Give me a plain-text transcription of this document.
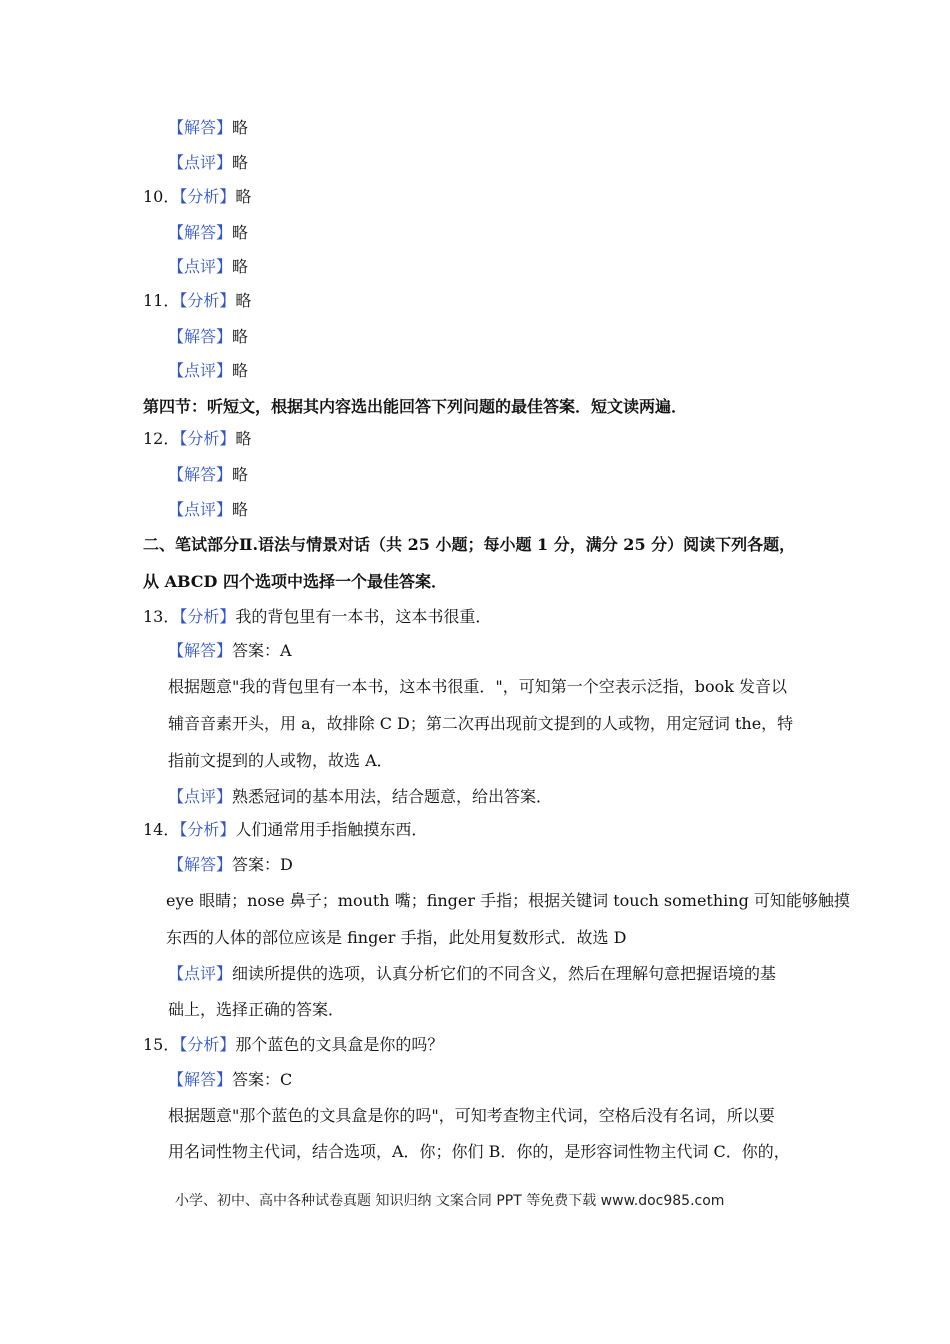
【解答】略
【点评】略
10．【分析】略
【解答】略
【点评】略
11．【分析】略
【解答】略
【点评】略
第四节：听短文，根据其内容选出能回答下列问题的最佳答案．短文读两遍．
12．【分析】略
【解答】略
【点评】略
二、笔试部分Ⅱ.语法与情景对话（共 25 小题；每小题 1 分，满分 25 分）阅读下列各题，
从 ABCD 四个选项中选择一个最佳答案．
13．【分析】我的背包里有一本书，这本书很重．
【解答】答案：A
根据题意"我的背包里有一本书，这本书很重．"，可知第一个空表示泛指，book 发音以
辅音音素开头，用 a，故排除 C D；第二次再出现前文提到的人或物，用定冠词 the，特
指前文提到的人或物，故选 A．
【点评】熟悉冠词的基本用法，结合题意，给出答案．
14．【分析】人们通常用手指触摸东西．
【解答】答案：D
eye 眼睛；nose 鼻子；mouth 嘴；finger 手指；根据关键词 touch something 可知能够触摸
东西的人体的部位应该是 finger 手指，此处用复数形式．故选 D
【点评】细读所提供的选项，认真分析它们的不同含义，然后在理解句意把握语境的基
础上，选择正确的答案．
15．【分析】那个蓝色的文具盒是你的吗？
【解答】答案：C
根据题意"那个蓝色的文具盒是你的吗"，可知考查物主代词，空格后没有名词，所以要
用名词性物主代词，结合选项，A．你；你们 B．你的，是形容词性物主代词 C．你的，
小学、初中、高中各种试卷真题 知识归纳 文案合同 PPT 等免费下载 www.doc985.com
